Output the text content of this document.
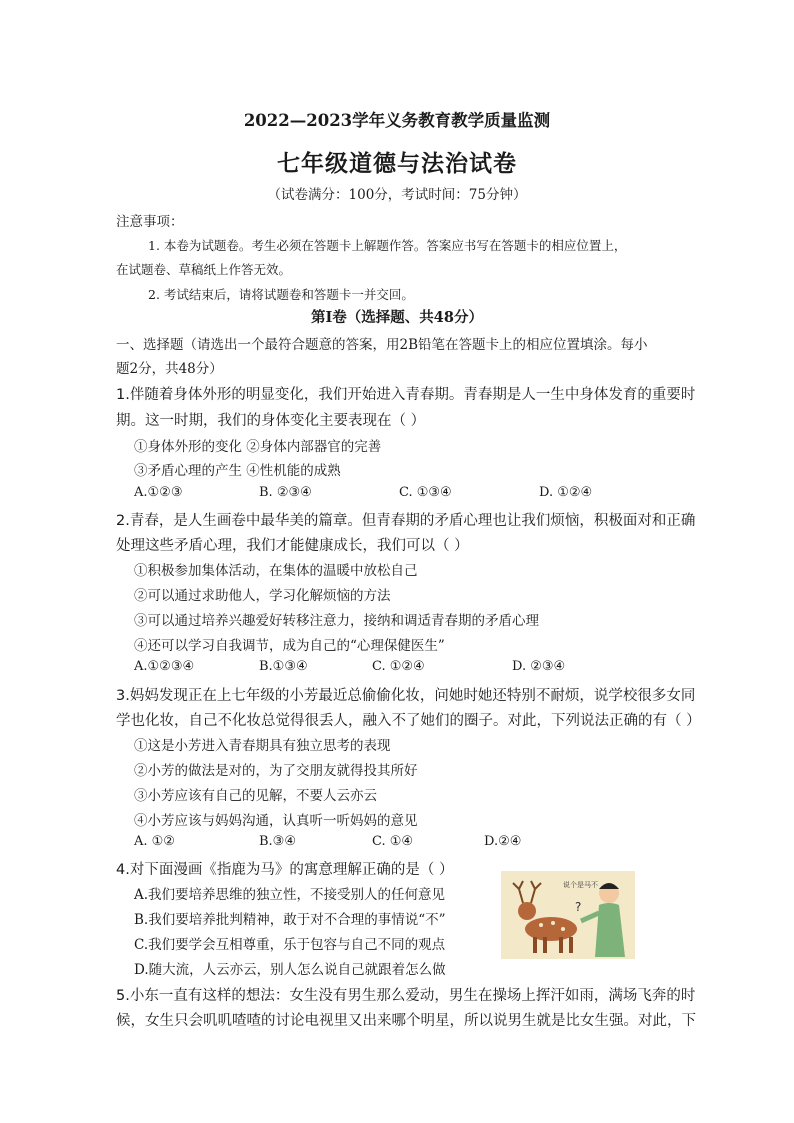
2022—2023学年义务教育教学质量监测
七年级道德与法治试卷
（试卷满分：100分，考试时间：75分钟）
注意事项：
1. 本卷为试题卷。考生必须在答题卡上解题作答。答案应书写在答题卡的相应位置上，
在试题卷、草稿纸上作答无效。
2. 考试结束后，请将试题卷和答题卡一并交回。
第Ⅰ卷（选择题、共48分）
一、选择题（请选出一个最符合题意的答案，用2B铅笔在答题卡上的相应位置填涂。每小
题2分，共48分）
1.伴随着身体外形的明显变化，我们开始进入青春期。青春期是人一生中身体发育的重要时
期。这一时期，我们的身体变化主要表现在（ ）
①身体外形的变化 ②身体内部器官的完善
③矛盾心理的产生 ④性机能的成熟
A.①②③	B. ②③④	C. ①③④	D. ①②④
2.青春，是人生画卷中最华美的篇章。但青春期的矛盾心理也让我们烦恼，积极面对和正确
处理这些矛盾心理，我们才能健康成长，我们可以（ ）
①积极参加集体活动，在集体的温暖中放松自己
②可以通过求助他人，学习化解烦恼的方法
③可以通过培养兴趣爱好转移注意力，接纳和调适青春期的矛盾心理
④还可以学习自我调节，成为自己的“心理保健医生”
A.①②③④	B.①③④	C. ①②④	D. ②③④
3.妈妈发现正在上七年级的小芳最近总偷偷化妆，问她时她还特别不耐烦，说学校很多女同
学也化妆，自己不化妆总觉得很丢人，融入不了她们的圈子。对此，下列说法正确的有（ ）
①这是小芳进入青春期具有独立思考的表现
②小芳的做法是对的，为了交朋友就得投其所好
③小芳应该有自己的见解，不要人云亦云
④小芳应该与妈妈沟通，认真听一听妈妈的意见
A. ①②	B.③④	C. ①④	D.②④
4.对下面漫画《指鹿为马》的寓意理解正确的是（ ）
A.我们要培养思维的独立性，不接受别人的任何意见
B.我们要培养批判精神，敢于对不合理的事情说“不”
C.我们要学会互相尊重，乐于包容与自己不同的观点
D.随大流，人云亦云，别人怎么说自己就跟着怎么做
?
说个是马不
5.小东一直有这样的想法：女生没有男生那么爱动，男生在操场上挥汗如雨，满场飞奔的时
候，女生只会叽叽喳喳的讨论电视里又出来哪个明星，所以说男生就是比女生强。对此，下
